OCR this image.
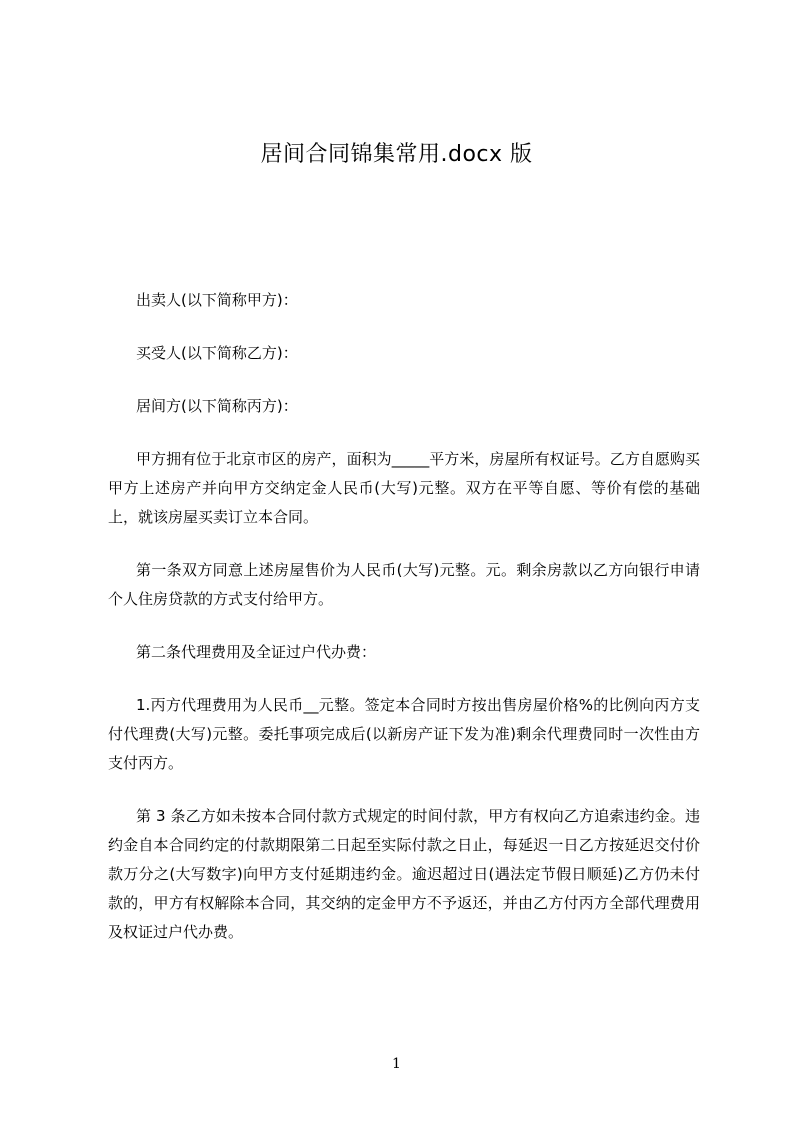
居间合同锦集常用.docx 版

出卖人(以下简称甲方)：

买受人(以下简称乙方)：

居间方(以下简称丙方)：

甲方拥有位于北京市区的房产，面积为_____平方米，房屋所有权证号。乙方自愿购买甲方上述房产并向甲方交纳定金人民币(大写)元整。双方在平等自愿、等价有偿的基础上，就该房屋买卖订立本合同。

第一条双方同意上述房屋售价为人民币(大写)元整。元。剩余房款以乙方向银行申请个人住房贷款的方式支付给甲方。

第二条代理费用及全证过户代办费：

1.丙方代理费用为人民币__元整。签定本合同时方按出售房屋价格%的比例向丙方支付代理费(大写)元整。委托事项完成后(以新房产证下发为准)剩余代理费同时一次性由方支付丙方。

第 3 条乙方如未按本合同付款方式规定的时间付款，甲方有权向乙方追索违约金。违约金自本合同约定的付款期限第二日起至实际付款之日止，每延迟一日乙方按延迟交付价款万分之(大写数字)向甲方支付延期违约金。逾迟超过日(遇法定节假日顺延)乙方仍未付款的，甲方有权解除本合同，其交纳的定金甲方不予返还，并由乙方付丙方全部代理费用及权证过户代办费。

1
